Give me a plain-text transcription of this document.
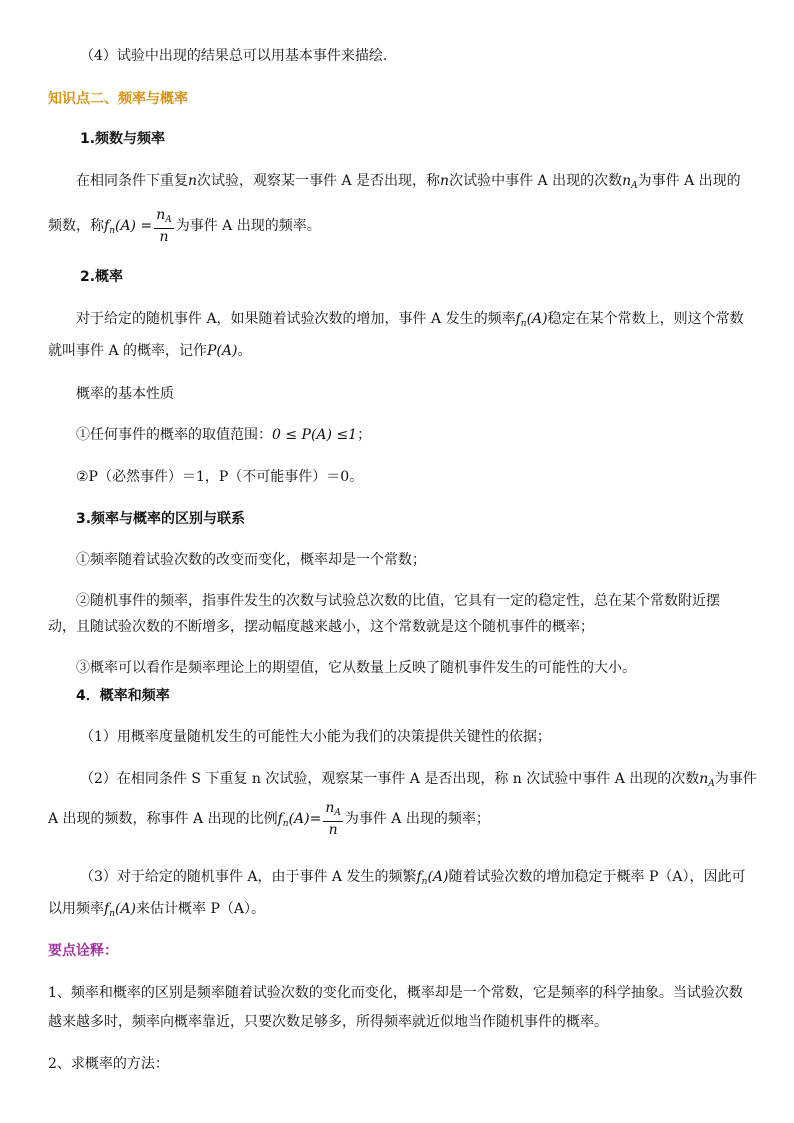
（4）试验中出现的结果总可以用基本事件来描绘.

知识点二、频率与概率

1.频数与频率

在相同条件下重复n次试验，观察某一事件 A 是否出现，称n次试验中事件 A 出现的次数$n_A$为事件 A 出现的

频数，称$f_n(A) = \frac{n_A}{n}$ 为事件 A 出现的频率。

2.概率

对于给定的随机事件 A，如果随着试验次数的增加，事件 A 发生的频率$f_n(A)$稳定在某个常数上，则这个常数

就叫事件 A 的概率，记作P(A)。

概率的基本性质

①任何事件的概率的取值范围：0 ≤ P(A) ≤1；

②P（必然事件）＝1，P（不可能事件）＝0。

3.频率与概率的区别与联系

①频率随着试验次数的改变而变化，概率却是一个常数；

②随机事件的频率，指事件发生的次数与试验总次数的比值，它具有一定的稳定性，总在某个常数附近摆

动，且随试验次数的不断增多，摆动幅度越来越小，这个常数就是这个随机事件的概率；

③概率可以看作是频率理论上的期望值，它从数量上反映了随机事件发生的可能性的大小。

4．概率和频率

（1）用概率度量随机发生的可能性大小能为我们的决策提供关键性的依据；

（2）在相同条件 S 下重复 n 次试验，观察某一事件 A 是否出现，称 n 次试验中事件 A 出现的次数$n_A$为事件

A 出现的频数，称事件 A 出现的比例$f_n(A)= \frac{n_A}{n}$ 为事件 A 出现的频率；

（3）对于给定的随机事件 A，由于事件 A 发生的频繁$f_n(A)$随着试验次数的增加稳定于概率 P（A），因此可

以用频率$f_n(A)$来估计概率 P（A）。

要点诠释：

1、频率和概率的区别是频率随着试验次数的变化而变化，概率却是一个常数，它是频率的科学抽象。当试验次数

越来越多时，频率向概率靠近，只要次数足够多，所得频率就近似地当作随机事件的概率。

2、求概率的方法：
